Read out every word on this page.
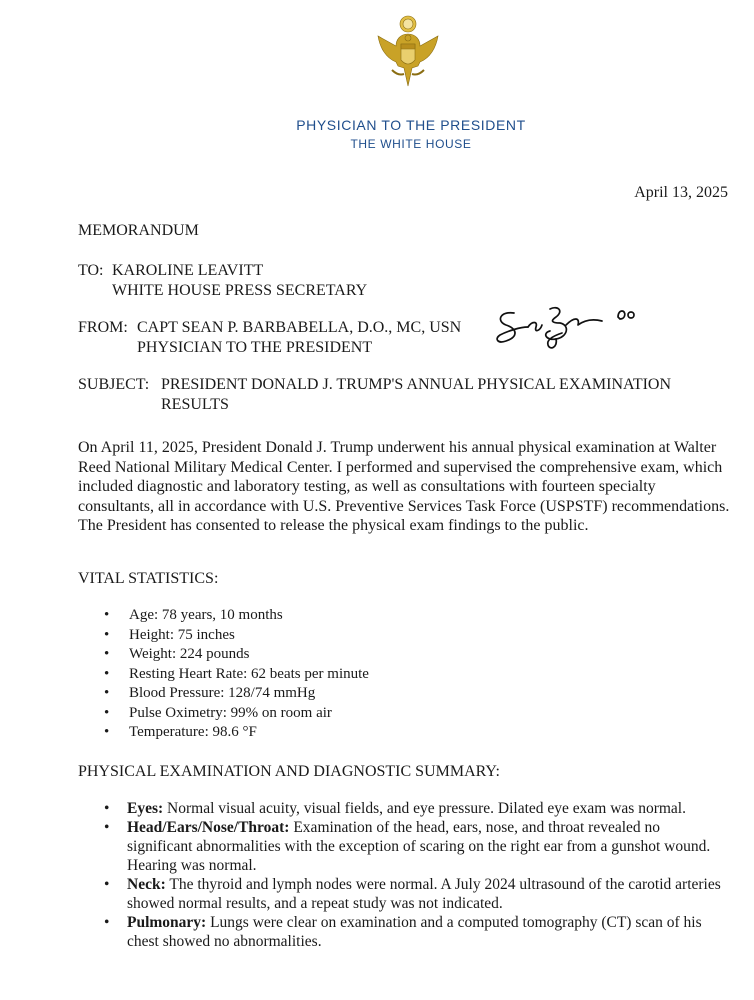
PHYSICIAN TO THE PRESIDENT
THE WHITE HOUSE
April 13, 2025
MEMORANDUM
TO: KAROLINE LEAVITT
WHITE HOUSE PRESS SECRETARY
FROM: CAPT SEAN P. BARBABELLA, D.O., MC, USN
PHYSICIAN TO THE PRESIDENT
DO
SUBJECT: PRESIDENT DONALD J. TRUMP'S ANNUAL PHYSICAL EXAMINATION
RESULTS
On April 11, 2025, President Donald J. Trump underwent his annual physical examination at Walter Reed National Military Medical Center. I performed and supervised the comprehensive exam, which included diagnostic and laboratory testing, as well as consultations with fourteen specialty consultants, all in accordance with U.S. Preventive Services Task Force (USPSTF) recommendations. The President has consented to release the physical exam findings to the public.
VITAL STATISTICS:
• Age: 78 years, 10 months
• Height: 75 inches
• Weight: 224 pounds
• Resting Heart Rate: 62 beats per minute
• Blood Pressure: 128/74 mmHg
• Pulse Oximetry: 99% on room air
• Temperature: 98.6 °F
PHYSICAL EXAMINATION AND DIAGNOSTIC SUMMARY:
• Eyes: Normal visual acuity, visual fields, and eye pressure. Dilated eye exam was normal.
• Head/Ears/Nose/Throat: Examination of the head, ears, nose, and throat revealed no significant abnormalities with the exception of scaring on the right ear from a gunshot wound. Hearing was normal.
• Neck: The thyroid and lymph nodes were normal. A July 2024 ultrasound of the carotid arteries showed normal results, and a repeat study was not indicated.
• Pulmonary: Lungs were clear on examination and a computed tomography (CT) scan of his chest showed no abnormalities.
